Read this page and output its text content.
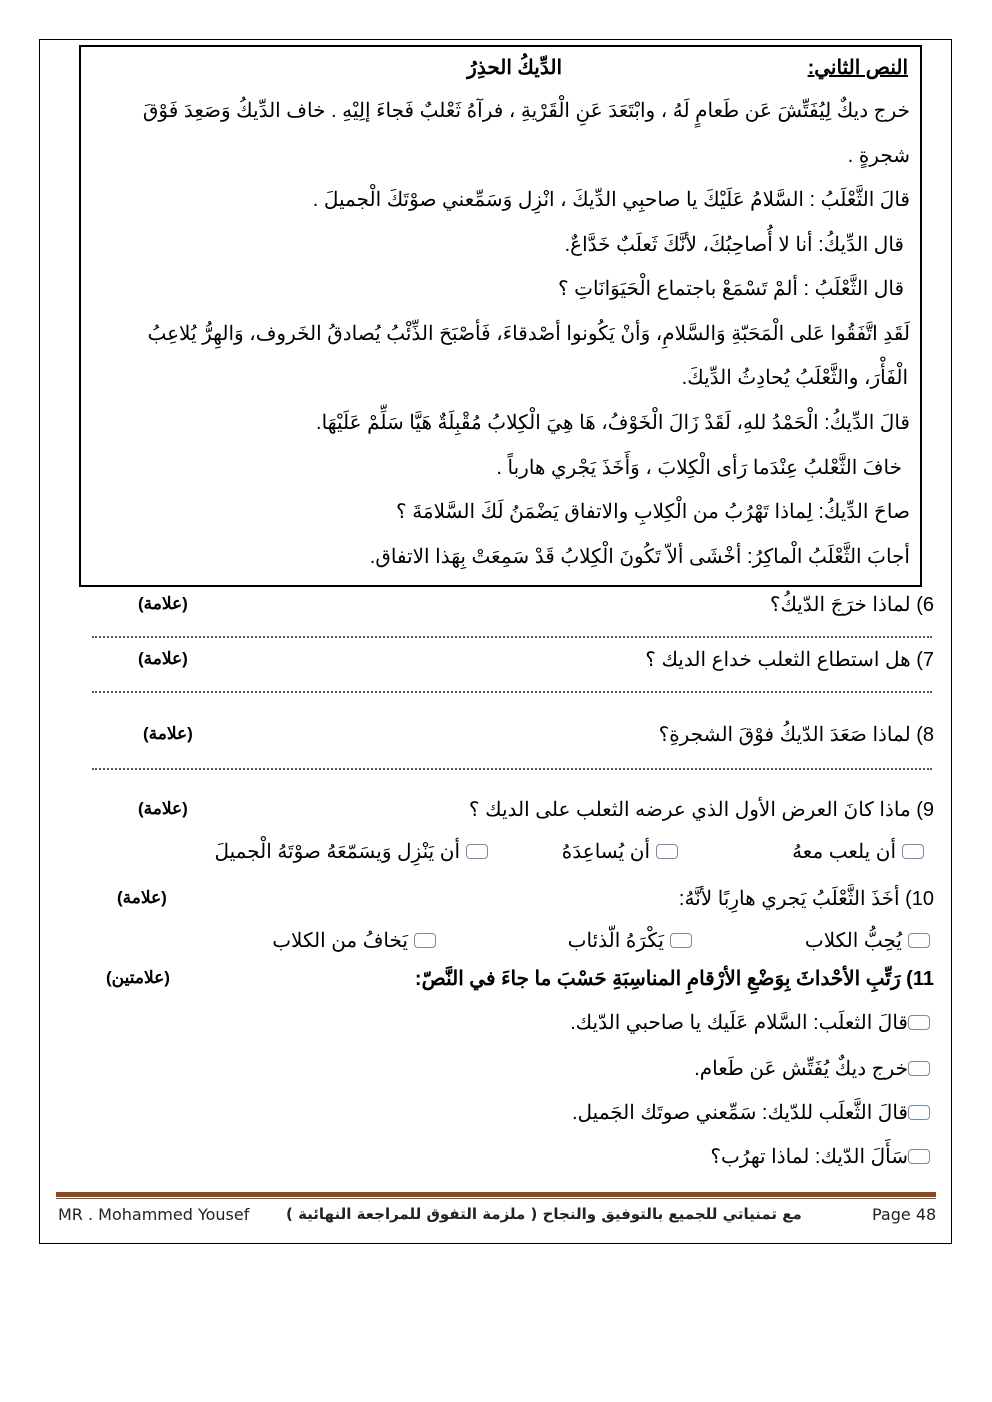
النص الثاني:
الدِّيكُ الحذِرُ
خرج ديكٌ لِيُفَتِّشَ عَن طَعامٍ لَهُ ، وابْتَعَدَ عَنِ الْقَرْيةِ ، فرآهُ ثَعْلبٌ فَجاءَ إلِيْهِ . خاف الدِّيكُ وَصَعِدَ فَوْقَ
شجرةٍ .
قالَ الثَّعْلَبُ : السَّلامُ عَلَيْكَ يا صاحبِي الدِّيكَ ، انْزِل وَسَمِّعني صوْتَكَ الْجميلَ .
قال الدِّيكُ: أنا لا أُصاحِبُكَ، لأنَّكَ ثَعلَبٌ خَدَّاعٌ.
قال الثَّعْلَبُ : ألمْ تَسْمَعْ باجتماع الْحَيَوَانَاتِ ؟
لَقَدِ اتَّفَقُوا عَلى الْمَحَبّةِ وَالسَّلامِ، وَأنْ يَكُونوا أصْدقاءَ، فَأصْبَحَ الذِّئْبُ يُصادقُ الخَروف، وَالهِرُّ يُلاعِبُ
الْفَأْرَ، والثَّعْلَبُ يُحادِثُ الدِّيكَ.
قالَ الدِّيكُ: الْحَمْدُ للهِ، لَقَدْ زَالَ الْخَوْفُ، هَا هِيَ الْكِلابُ مُقْبِلَةٌ هَيَّا سَلِّمْ عَلَيْهَا.
خافَ الثَّعْلبُ عِنْدَما رَأى الْكِلابَ ، وَأَخَذَ يَجْري هارباً .
صاحَ الدِّيكُ: لِماذا تَهْرُبُ من الْكِلابِ والاتفاق يَضْمَنُ لَكَ السَّلامَةَ ؟
أجابَ الثَّعْلَبُ الْماكِرُ: أخْشَى ألاّ تَكُونَ الْكِلابُ قَدْ سَمِعَتْ بِهَذا الاتفاق.
6) لماذا خرَجَ الدّيكُ؟
(علامة)
7) هل استطاع الثعلب خداع الديك ؟
(علامة)
8) لماذا صَعَدَ الدّيكُ فوْقَ الشجرةِ؟
(علامة)
9) ماذا كانَ العرض الأول الذي عرضه الثعلب على الديك ؟
(علامة)
أن يلعب معهُ
أن يُساعِدَهُ
أن يَنْزِل وَيسَمّعَهُ صوْتَهُ الْجميلَ
10) أخَذَ الثَّعْلَبُ يَجري هارِبًا لأنَّهُ:
(علامة)
يُحِبُّ الكلاب
يَكْرَهُ الّذئاب
يَخافُ من الكلاب
11) رَتِّبِ الأحْداثَ بِوَضْعِ الأرْقامِ المناسِبَةِ حَسْبَ ما جاءَ في النَّصّ:
(علامتين)
قالَ الثعلَب: السَّلام عَلَيك يا صاحبي الدّيك.
خرج ديكٌ يُفَتِّش عَن طَعام.
قالَ الثَّعلَب للدّيك: سَمِّعني صوتَك الجَميل.
سَأَلَ الدّيك: لماذا تهرُب؟
MR . Mohammed Yousef مع تمنياتي للجميع بالتوفيق والنجاح ( ملزمة التفوق للمراجعة النهائية )	Page 48
